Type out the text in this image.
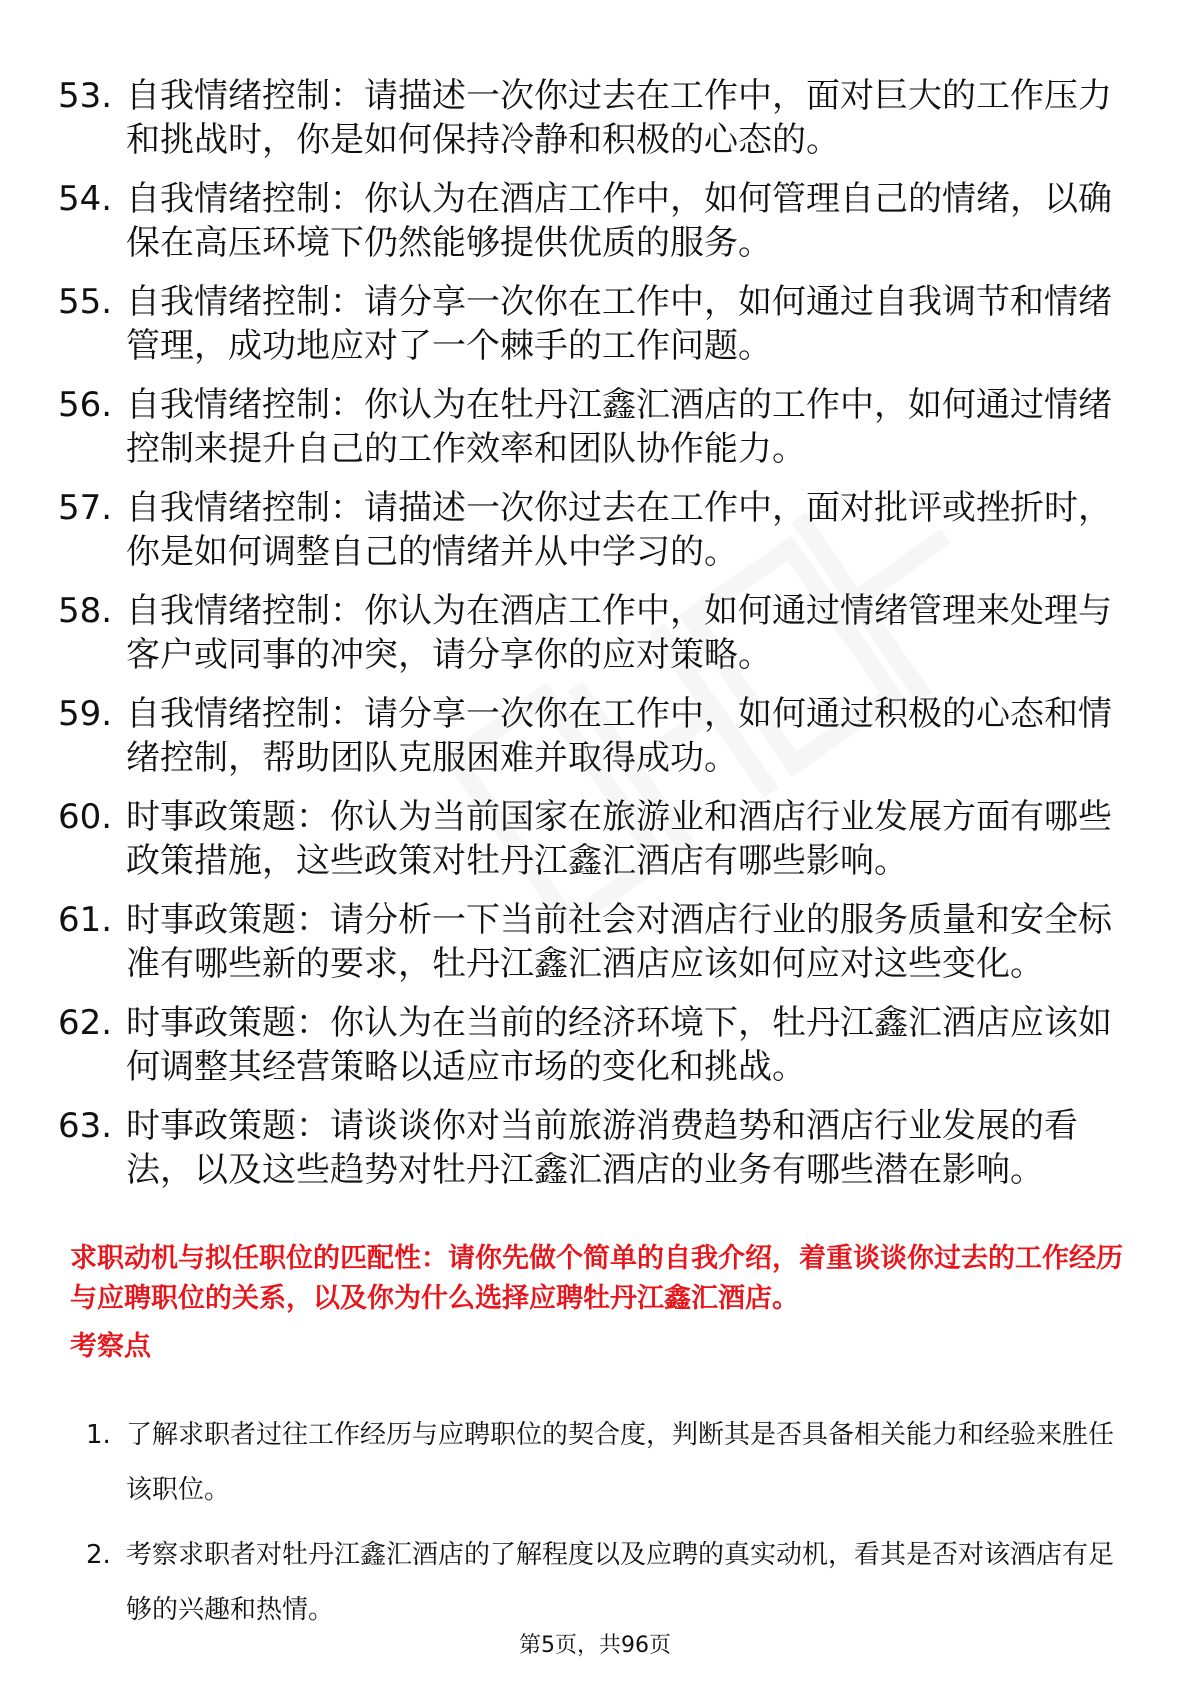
53. 自我情绪控制：请描述一次你过去在工作中，面对巨大的工作压力和挑战时，你是如何保持冷静和积极的心态的。
54. 自我情绪控制：你认为在酒店工作中，如何管理自己的情绪，以确保在高压环境下仍然能够提供优质的服务。
55. 自我情绪控制：请分享一次你在工作中，如何通过自我调节和情绪管理，成功地应对了一个棘手的工作问题。
56. 自我情绪控制：你认为在牡丹江鑫汇酒店的工作中，如何通过情绪控制来提升自己的工作效率和团队协作能力。
57. 自我情绪控制：请描述一次你过去在工作中，面对批评或挫折时，你是如何调整自己的情绪并从中学习的。
58. 自我情绪控制：你认为在酒店工作中，如何通过情绪管理来处理与客户或同事的冲突，请分享你的应对策略。
59. 自我情绪控制：请分享一次你在工作中，如何通过积极的心态和情绪控制，帮助团队克服困难并取得成功。
60. 时事政策题：你认为当前国家在旅游业和酒店行业发展方面有哪些政策措施，这些政策对牡丹江鑫汇酒店有哪些影响。
61. 时事政策题：请分析一下当前社会对酒店行业的服务质量和安全标准有哪些新的要求，牡丹江鑫汇酒店应该如何应对这些变化。
62. 时事政策题：你认为在当前的经济环境下，牡丹江鑫汇酒店应该如何调整其经营策略以适应市场的变化和挑战。
63. 时事政策题：请谈谈你对当前旅游消费趋势和酒店行业发展的看法，以及这些趋势对牡丹江鑫汇酒店的业务有哪些潜在影响。
求职动机与拟任职位的匹配性：请你先做个简单的自我介绍，着重谈谈你过去的工作经历与应聘职位的关系，以及你为什么选择应聘牡丹江鑫汇酒店。
考察点
1. 了解求职者过往工作经历与应聘职位的契合度，判断其是否具备相关能力和经验来胜任该职位。
2. 考察求职者对牡丹江鑫汇酒店的了解程度以及应聘的真实动机，看其是否对该酒店有足够的兴趣和热情。
第5页，共96页
